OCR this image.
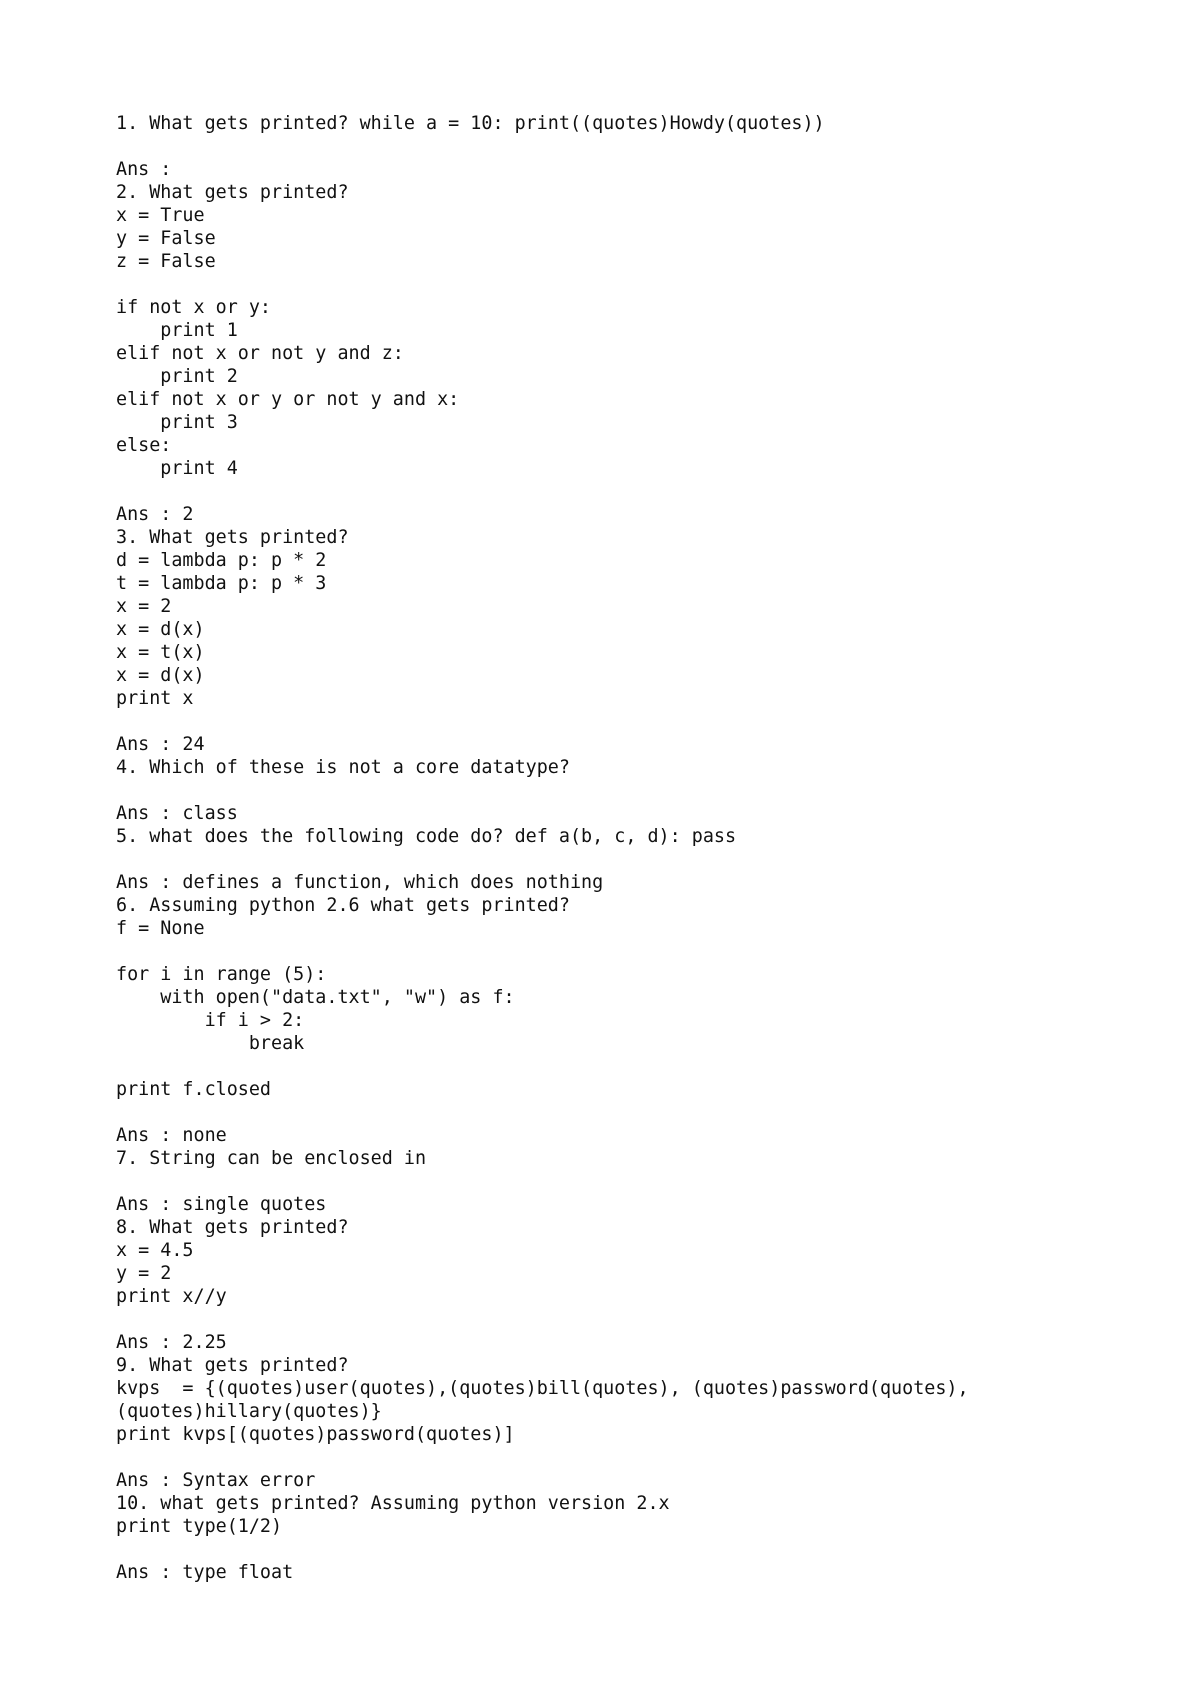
1. What gets printed? while a = 10: print((quotes)Howdy(quotes))
Ans :
2. What gets printed?
x = True
y = False
z = False
if not x or y:
print 1
elif not x or not y and z:
print 2
elif not x or y or not y and x:
print 3
else:
print 4
Ans : 2
3. What gets printed?
d = lambda p: p * 2
t = lambda p: p * 3
x = 2
x = d(x)
x = t(x)
x = d(x)
print x
Ans : 24
4. Which of these is not a core datatype?
Ans : class
5. what does the following code do? def a(b, c, d): pass
Ans : defines a function, which does nothing
6. Assuming python 2.6 what gets printed?
f = None
for i in range (5):
with open("data.txt", "w") as f:
if i > 2:
break
print f.closed
Ans : none
7. String can be enclosed in
Ans : single quotes
8. What gets printed?
x = 4.5
y = 2
print x//y
Ans : 2.25
9. What gets printed?
kvps  = {(quotes)user(quotes),(quotes)bill(quotes), (quotes)password(quotes),
(quotes)hillary(quotes)}
print kvps[(quotes)password(quotes)]
Ans : Syntax error
10. what gets printed? Assuming python version 2.x
print type(1/2)
Ans : type float
